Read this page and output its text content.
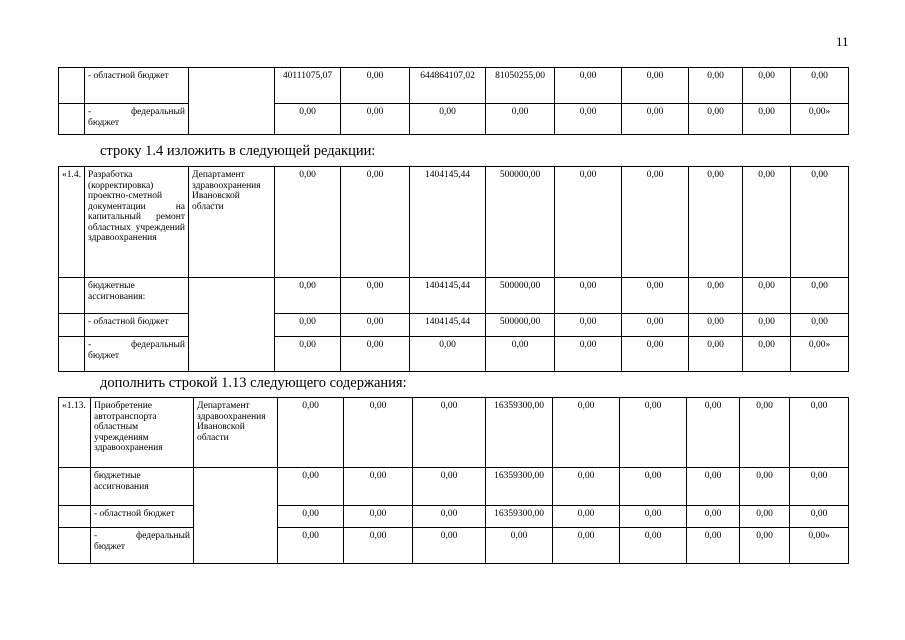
11
	- областной бюджет		40111075,07	0,00	644864107,02	81050255,00	0,00	0,00	0,00	0,00	0,00

	- федеральный
бюджет		0,00	0,00	0,00	0,00	0,00	0,00	0,00	0,00	0,00»
строку 1.4 изложить в следующей редакции:
«1.4.	Разработка (корректировка) проектно-сметной документации на капитальный ремонт областных учреждений здравоохранения	Департамент здравоохранения Ивановской области	0,00	0,00	1404145,44	500000,00	0,00	0,00	0,00	0,00	0,00
	бюджетные ассигнования:		0,00	0,00	1404145,44	500000,00	0,00	0,00	0,00	0,00	0,00
	- областной бюджет		0,00	0,00	1404145,44	500000,00	0,00	0,00	0,00	0,00	0,00

	- федеральный
бюджет		0,00	0,00	0,00	0,00	0,00	0,00	0,00	0,00	0,00»
дополнить строкой 1.13 следующего содержания:
«1.13.	Приобретение автотранспорта областным учреждениям здравоохранения	Департамент здравоохранения Ивановской области	0,00	0,00	0,00	16359300,00	0,00	0,00	0,00	0,00	0,00
	бюджетные ассигнования		0,00	0,00	0,00	16359300,00	0,00	0,00	0,00	0,00	0,00
	- областной бюджет		0,00	0,00	0,00	16359300,00	0,00	0,00	0,00	0,00	0,00

	- федеральный
бюджет		0,00	0,00	0,00	0,00	0,00	0,00	0,00	0,00	0,00»
